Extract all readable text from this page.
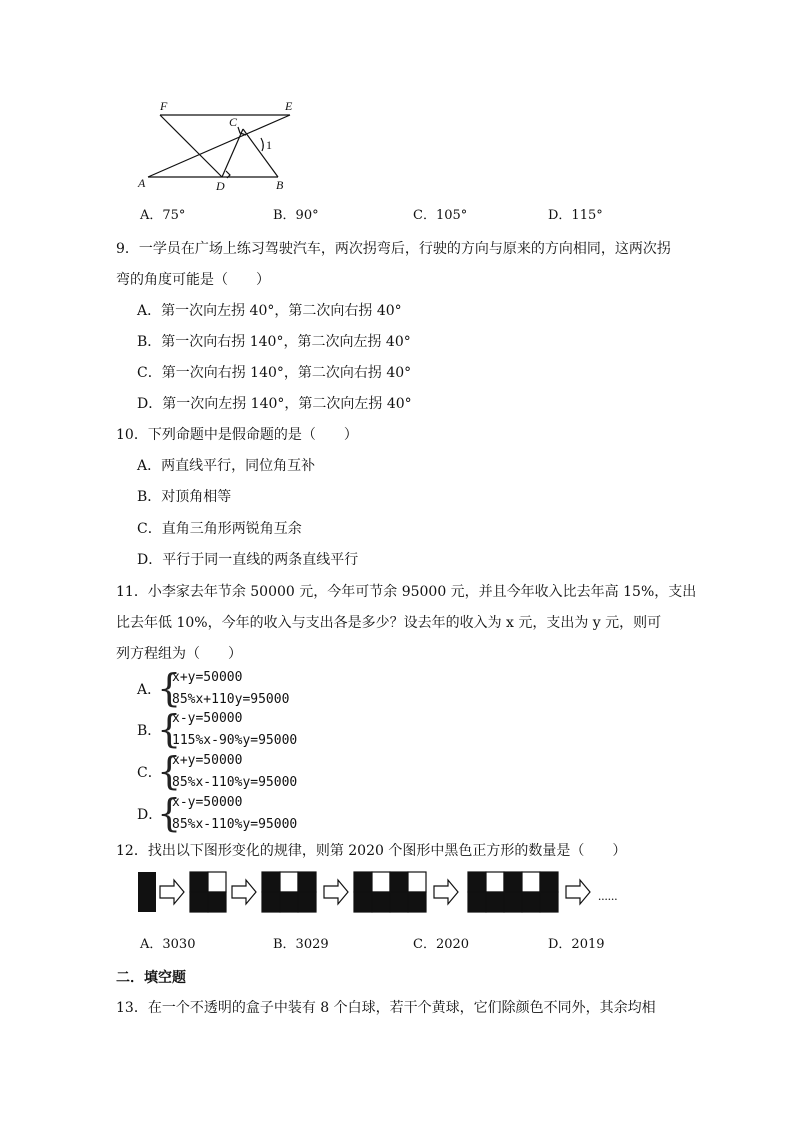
F	E
C
1
A	D	B
A．75°	B．90°	C．105°	D．115°
9．一学员在广场上练习驾驶汽车，两次拐弯后，行驶的方向与原来的方向相同，这两次拐
弯的角度可能是（　　）
A．第一次向左拐 40°，第二次向右拐 40°
B．第一次向右拐 140°，第二次向左拐 40°
C．第一次向右拐 140°，第二次向右拐 40°
D．第一次向左拐 140°，第二次向左拐 40°
10．下列命题中是假命题的是（　　）
A．两直线平行，同位角互补
B．对顶角相等
C．直角三角形两锐角互余
D．平行于同一直线的两条直线平行
11．小李家去年节余 50000 元，今年可节余 95000 元，并且今年收入比去年高 15%，支出
比去年低 10%，今年的收入与支出各是多少？设去年的收入为 x 元，支出为 y 元，则可
列方程组为（　　）
A．
{
x+y=50000
85%x+110y=95000
B．
{
x-y=50000
115%x-90%y=95000
C．
{
x+y=50000
85%x-110%y=95000
D．
{
x-y=50000
85%x-110%y=95000
12．找出以下图形变化的规律，则第 2020 个图形中黑色正方形的数量是（　　）
......
A．3030	B．3029	C．2020	D．2019
二．填空题
13．在一个不透明的盒子中装有 8 个白球，若干个黄球，它们除颜色不同外，其余均相
